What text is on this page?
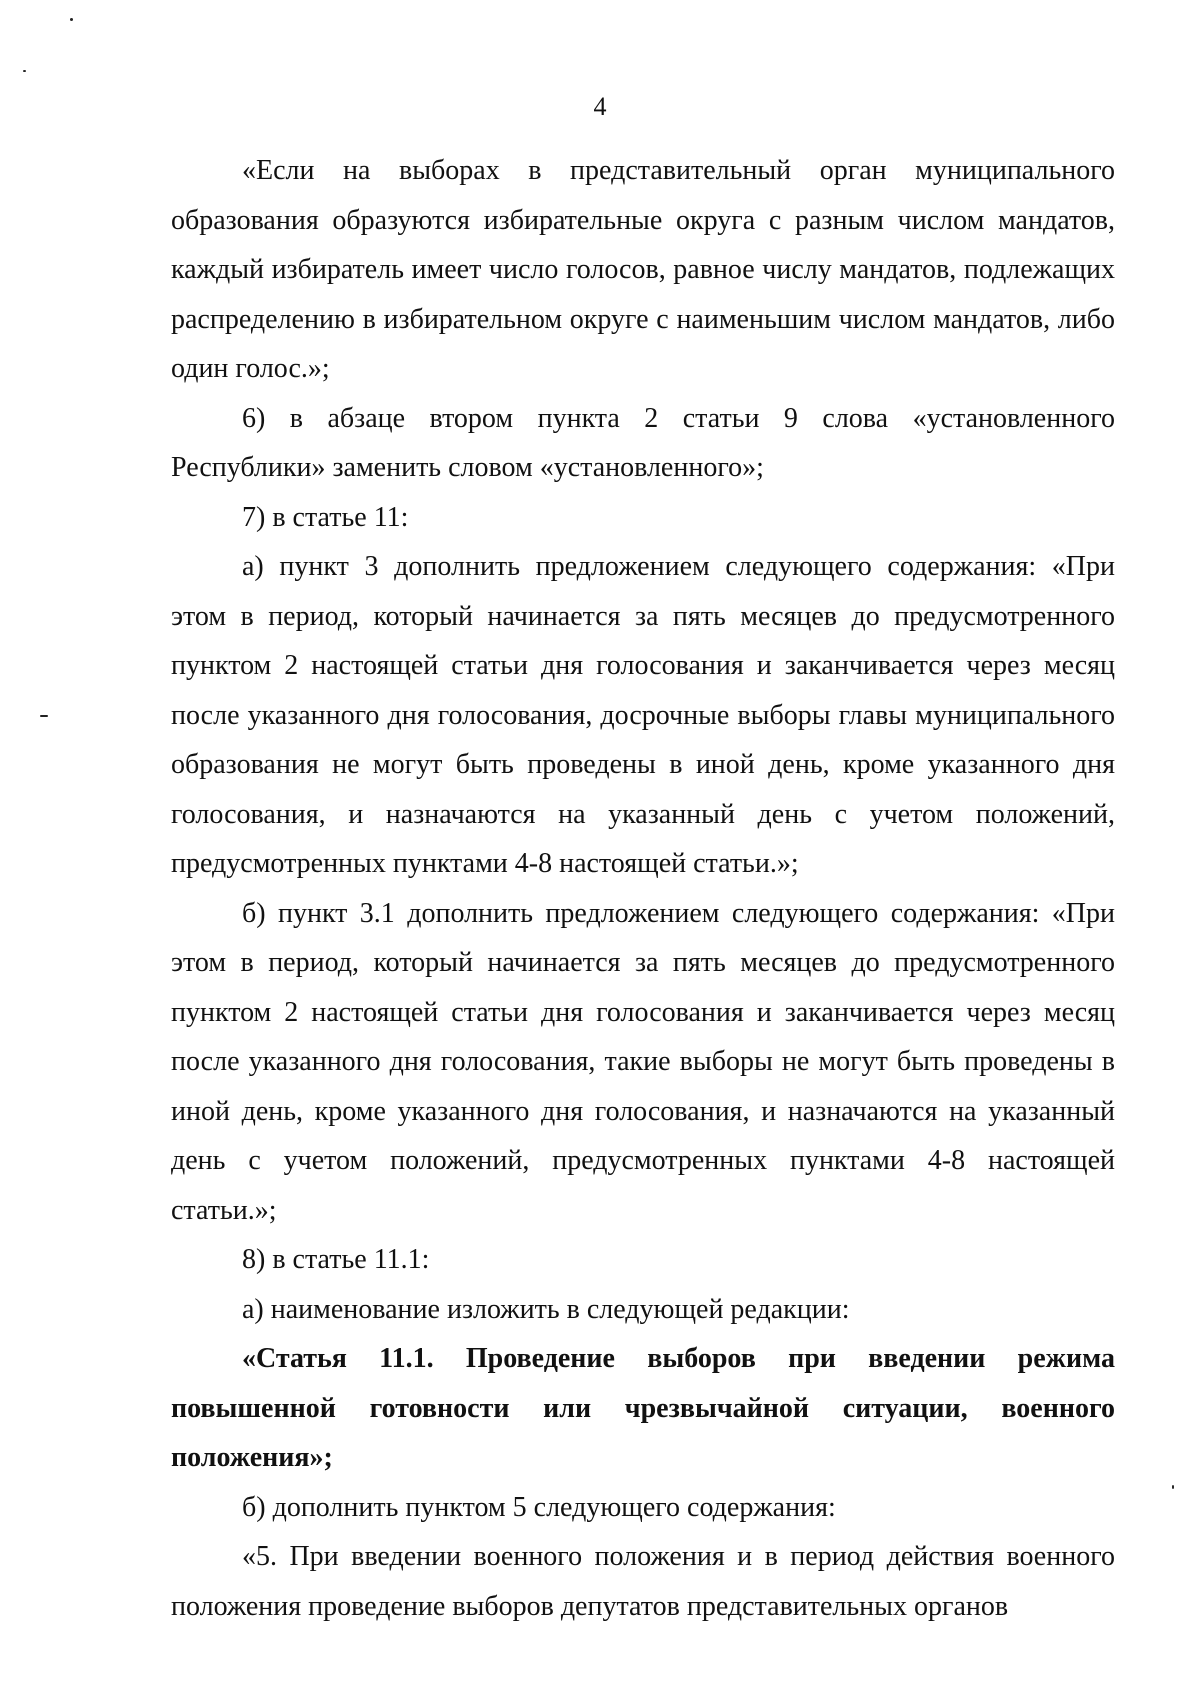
4

«Если на выборах в представительный орган муниципального образования образуются избирательные округа с разным числом мандатов, каждый избиратель имеет число голосов, равное числу мандатов, подлежащих распределению в избирательном округе с наименьшим числом мандатов, либо один голос.»;

6) в абзаце втором пункта 2 статьи 9 слова «установленного Республики» заменить словом «установленного»;

7) в статье 11:

а) пункт 3 дополнить предложением следующего содержания: «При этом в период, который начинается за пять месяцев до предусмотренного пунктом 2 настоящей статьи дня голосования и заканчивается через месяц после указанного дня голосования, досрочные выборы главы муниципального образования не могут быть проведены в иной день, кроме указанного дня голосования, и назначаются на указанный день с учетом положений, предусмотренных пунктами 4-8 настоящей статьи.»;

б) пункт 3.1 дополнить предложением следующего содержания: «При этом в период, который начинается за пять месяцев до предусмотренного пунктом 2 настоящей статьи дня голосования и заканчивается через месяц после указанного дня голосования, такие выборы не могут быть проведены в иной день, кроме указанного дня голосования, и назначаются на указанный день с учетом положений, предусмотренных пунктами 4-8 настоящей статьи.»;

8) в статье 11.1:

а) наименование изложить в следующей редакции:

«Статья 11.1. Проведение выборов при введении режима повышенной готовности или чрезвычайной ситуации, военного положения»;

б) дополнить пунктом 5 следующего содержания:

«5. При введении военного положения и в период действия военного положения проведение выборов депутатов представительных органов
